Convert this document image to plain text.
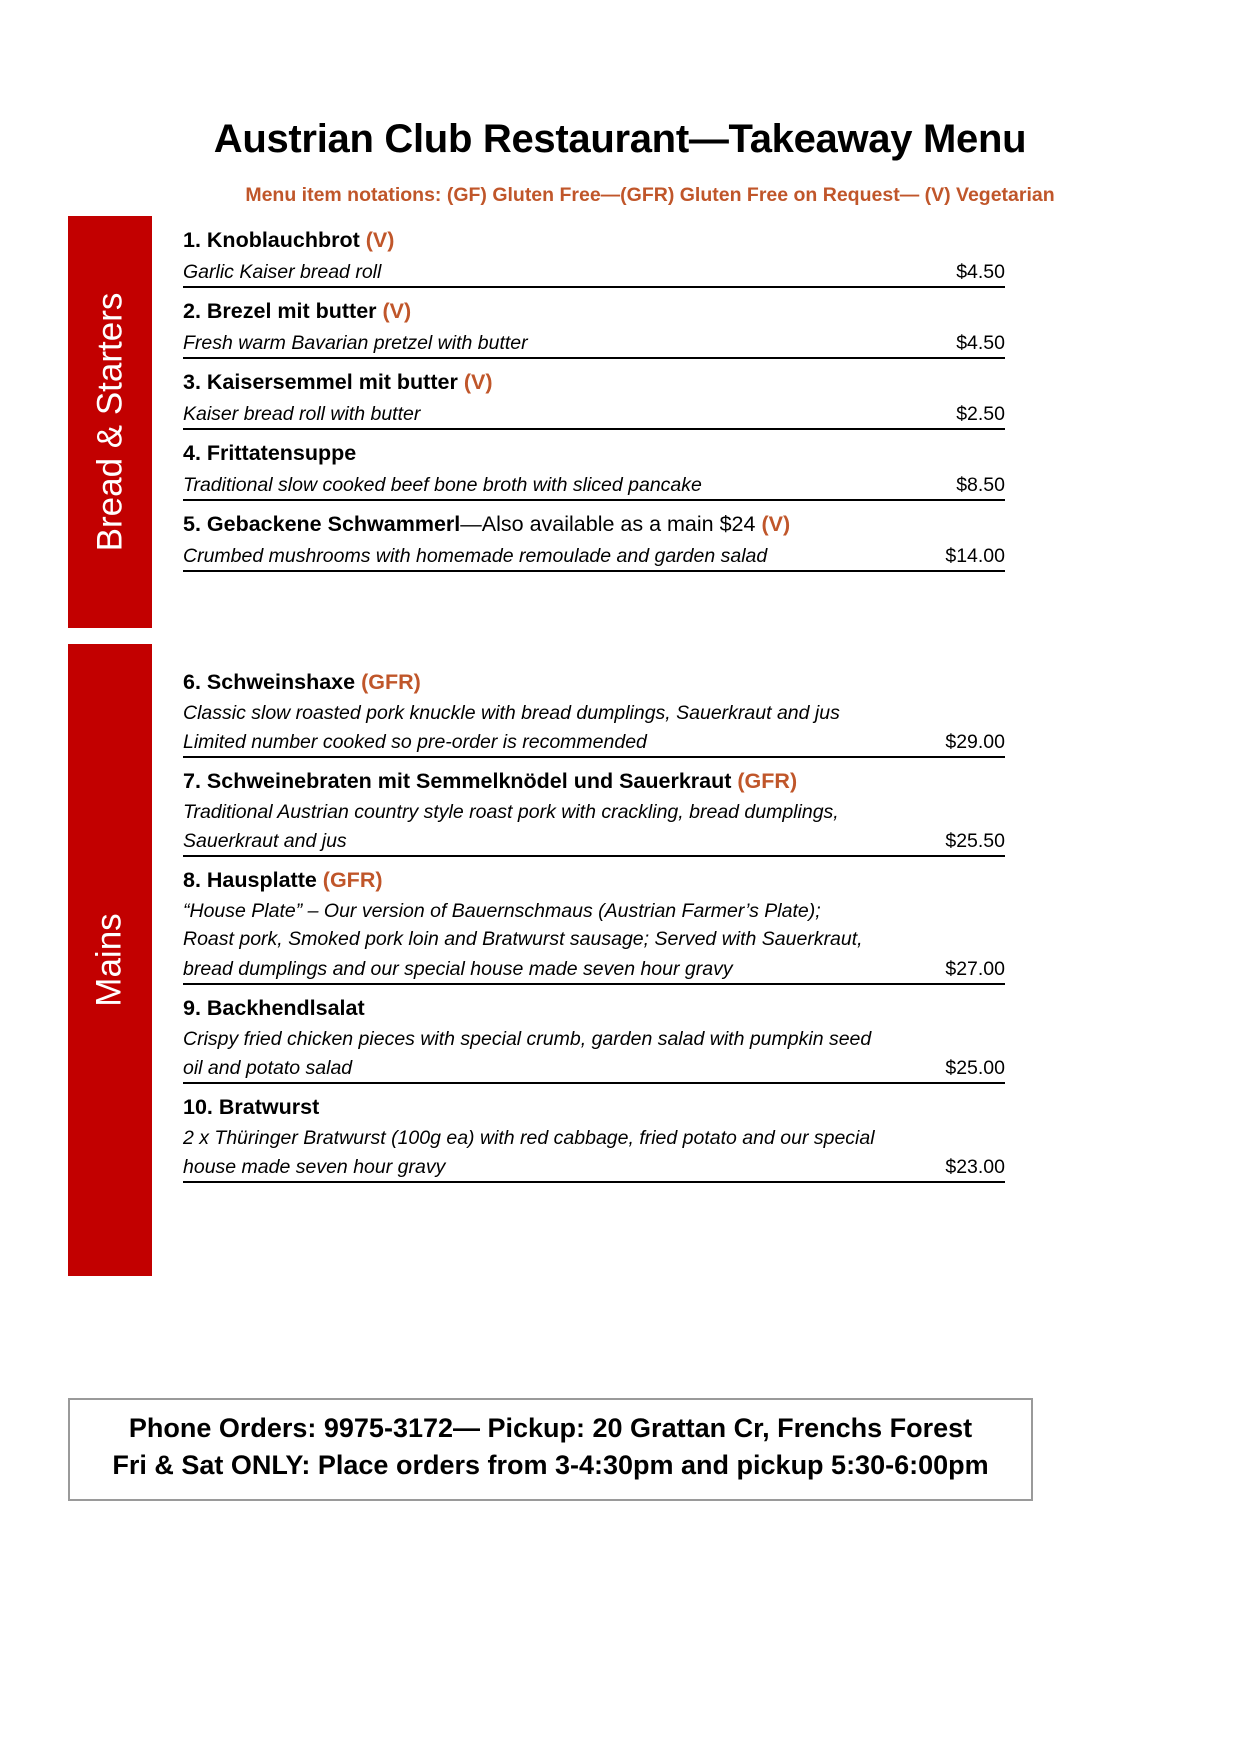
Austrian Club Restaurant—Takeaway Menu
Menu item notations: (GF) Gluten Free—(GFR) Gluten Free on Request— (V) Vegetarian
Bread & Starters
Mains
1. Knoblauchbrot (V)
Garlic Kaiser bread roll
	$4.50
2. Brezel mit butter (V)
Fresh warm Bavarian pretzel with butter
	$4.50
3. Kaisersemmel mit butter (V)
Kaiser bread roll with butter
	$2.50
4. Frittatensuppe
Traditional slow cooked beef bone broth with sliced pancake
	$8.50
5. Gebackene Schwammerl—Also available as a main $24 (V)
Crumbed mushrooms with homemade remoulade and garden salad
	$14.00
6. Schweinshaxe (GFR)
Classic slow roasted pork knuckle with bread dumplings, Sauerkraut and jus
Limited number cooked so pre-order is recommended
	$29.00
7. Schweinebraten mit Semmelknödel und Sauerkraut (GFR)
Traditional Austrian country style roast pork with crackling, bread dumplings,
Sauerkraut and jus
	$25.50
8. Hausplatte (GFR)
“House Plate” – Our version of Bauernschmaus (Austrian Farmer’s Plate);
Roast pork, Smoked pork loin and Bratwurst sausage; Served with Sauerkraut,
bread dumplings and our special house made seven hour gravy
	$27.00
9. Backhendlsalat
Crispy fried chicken pieces with special crumb, garden salad with pumpkin seed
oil and potato salad
	$25.00
10. Bratwurst
2 x Thüringer Bratwurst (100g ea) with red cabbage, fried potato and our special
house made seven hour gravy
	$23.00
Phone Orders: 9975-3172— Pickup: 20 Grattan Cr, Frenchs Forest
Fri & Sat ONLY: Place orders from 3-4:30pm and pickup 5:30-6:00pm
